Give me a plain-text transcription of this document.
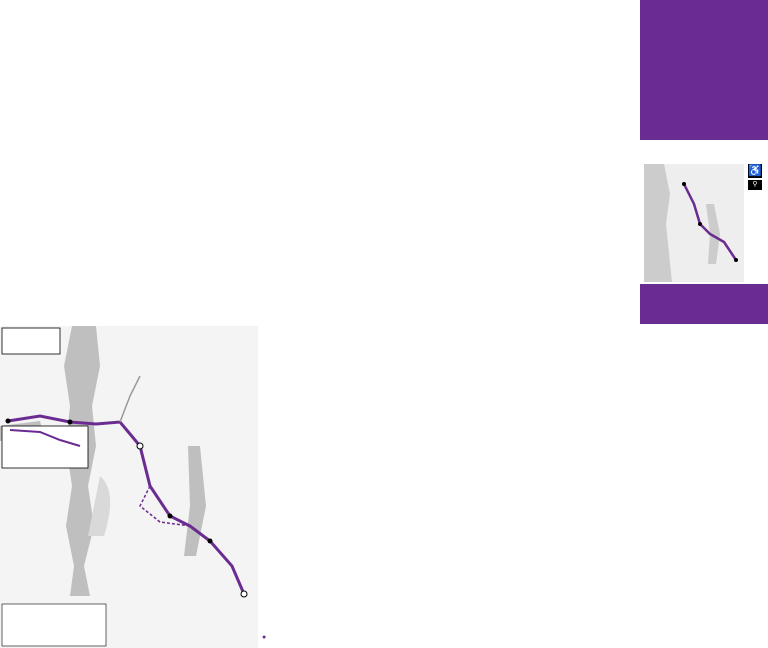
♿
⚲
●
